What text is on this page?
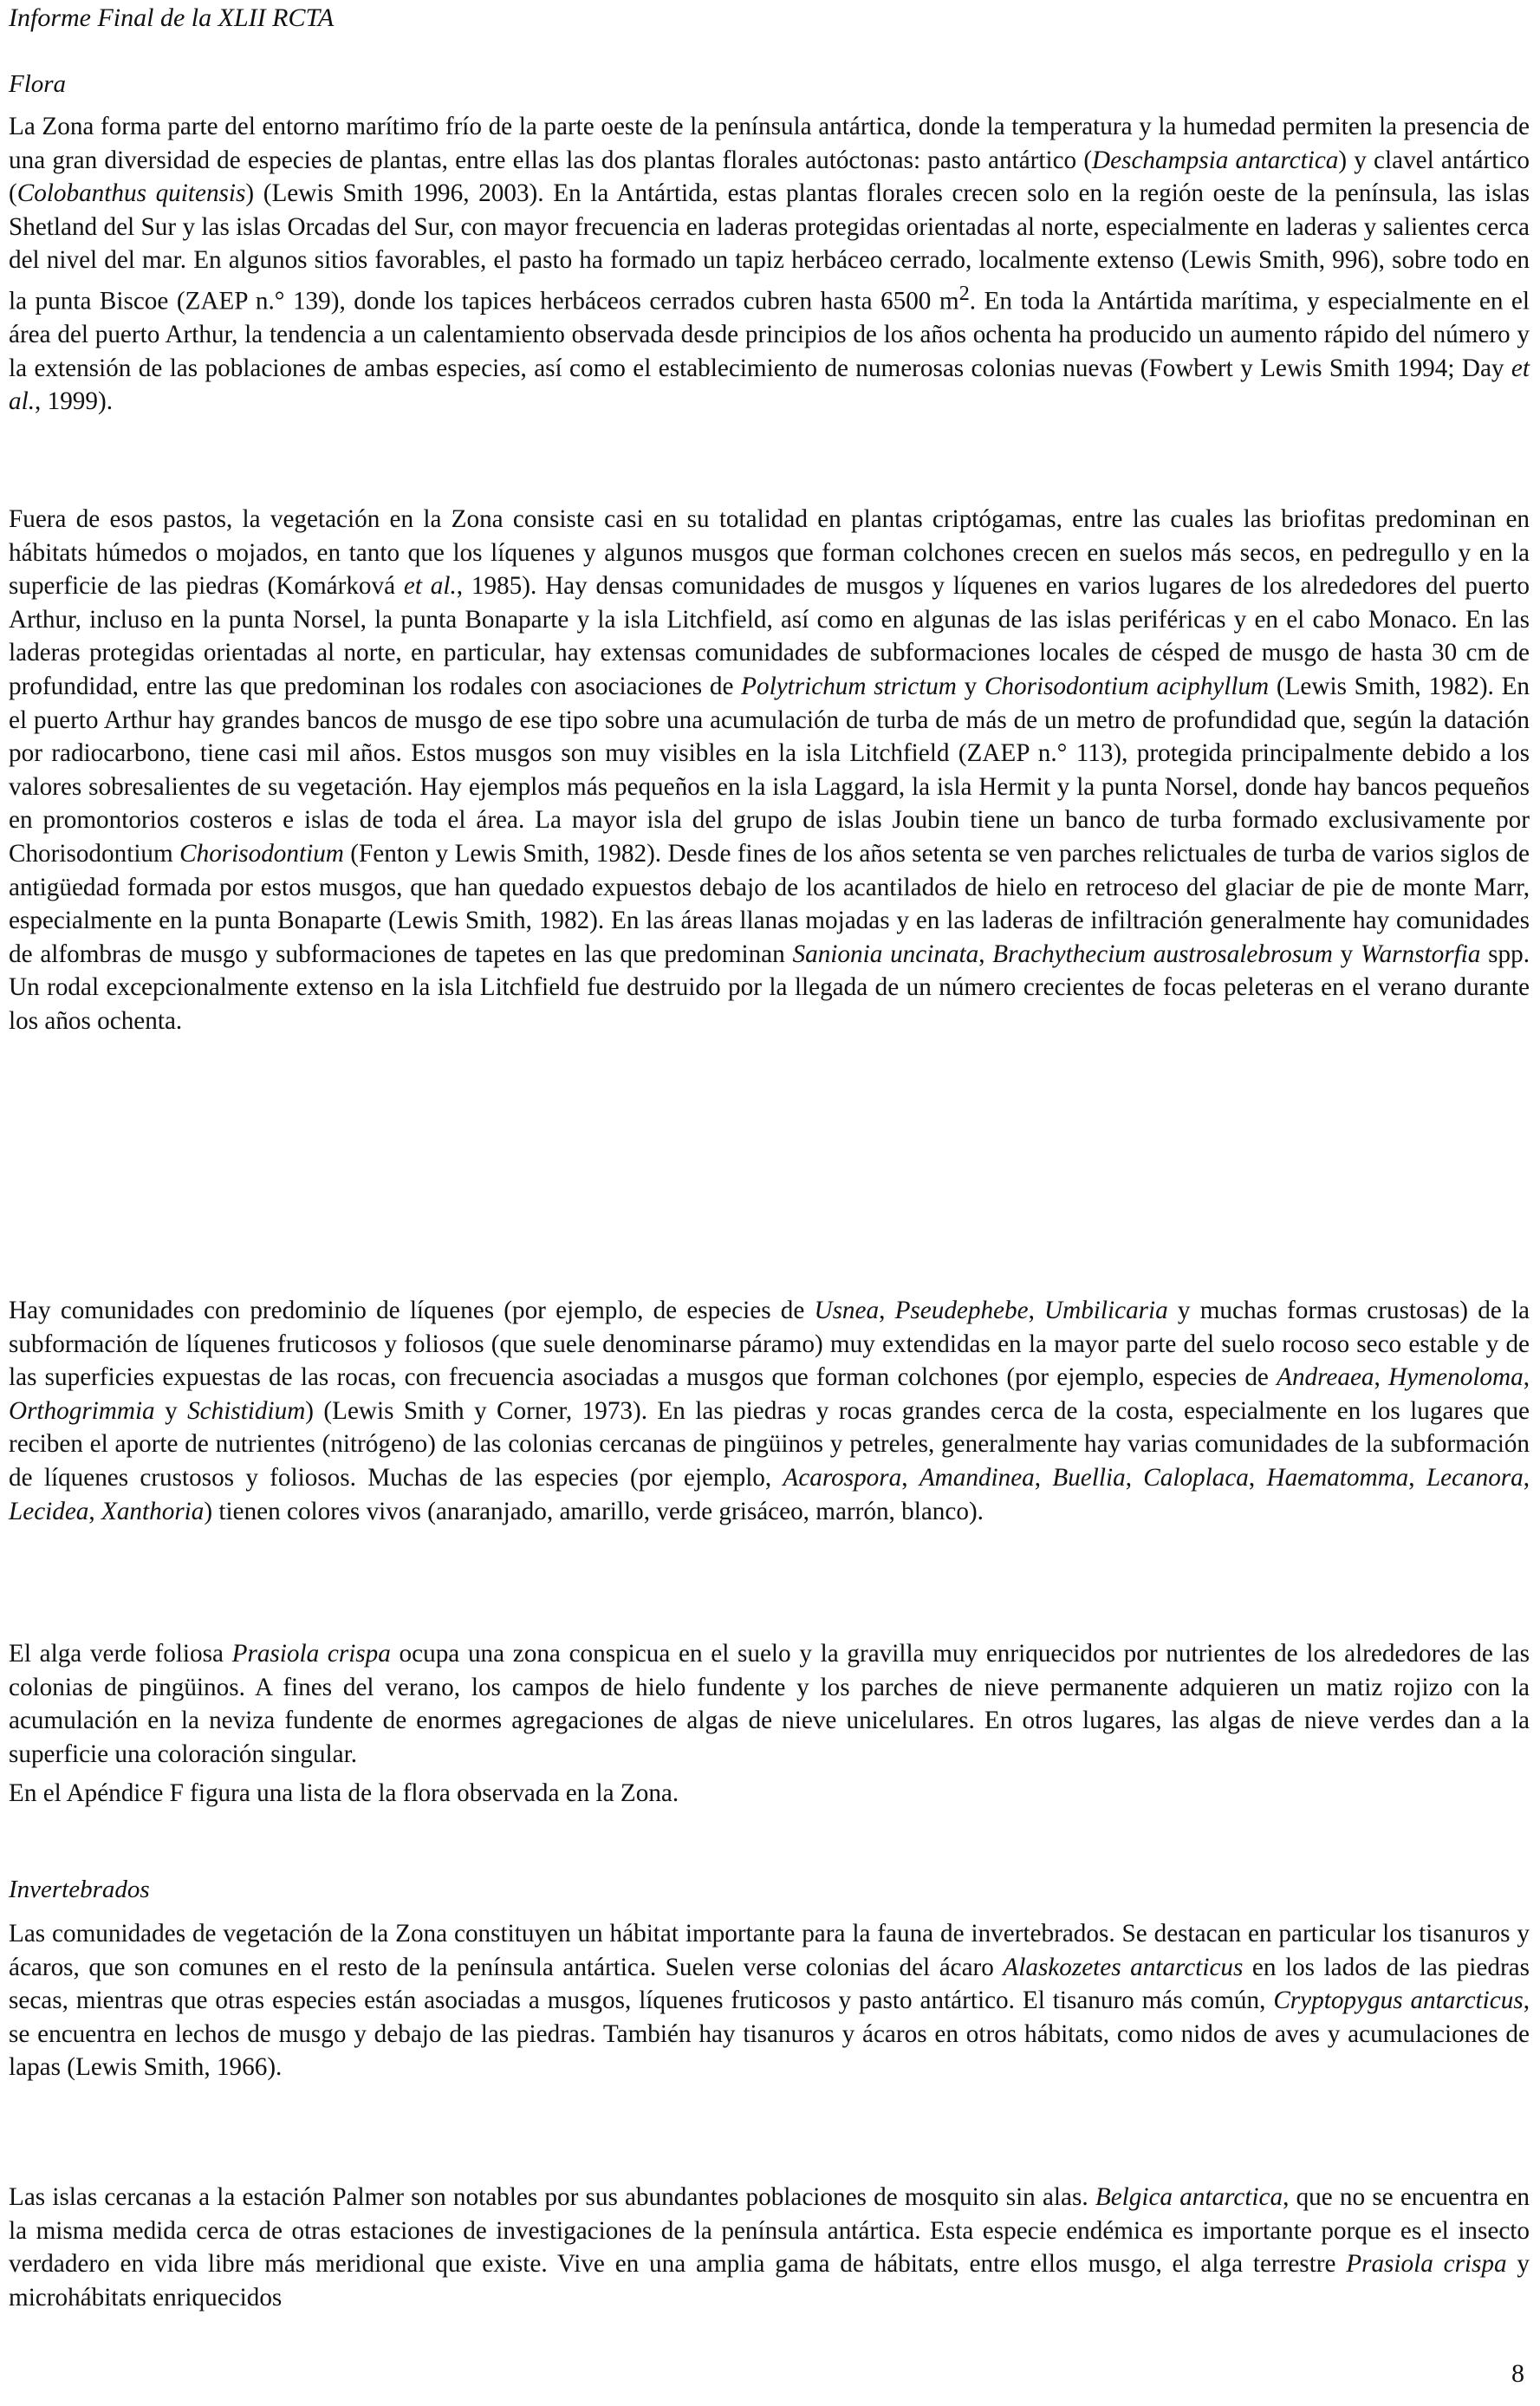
Informe Final de la XLII RCTA
Flora
La Zona forma parte del entorno marítimo frío de la parte oeste de la península antártica, donde la temperatura y la humedad permiten la presencia de una gran diversidad de especies de plantas, entre ellas las dos plantas florales autóctonas: pasto antártico (Deschampsia antarctica) y clavel antártico (Colobanthus quitensis) (Lewis Smith 1996, 2003). En la Antártida, estas plantas florales crecen solo en la región oeste de la península, las islas Shetland del Sur y las islas Orcadas del Sur, con mayor frecuencia en laderas protegidas orientadas al norte, especialmente en laderas y salientes cerca del nivel del mar. En algunos sitios favorables, el pasto ha formado un tapiz herbáceo cerrado, localmente extenso (Lewis Smith, 996), sobre todo en la punta Biscoe (ZAEP n.° 139), donde los tapices herbáceos cerrados cubren hasta 6500 $m^2$. En toda la Antártida marítima, y especialmente en el área del puerto Arthur, la tendencia a un calentamiento observada desde principios de los años ochenta ha producido un aumento rápido del número y la extensión de las poblaciones de ambas especies, así como el establecimiento de numerosas colonias nuevas (Fowbert y Lewis Smith 1994; Day et al., 1999).
Fuera de esos pastos, la vegetación en la Zona consiste casi en su totalidad en plantas criptógamas, entre las cuales las briofitas predominan en hábitats húmedos o mojados, en tanto que los líquenes y algunos musgos que forman colchones crecen en suelos más secos, en pedregullo y en la superficie de las piedras (Komárková et al., 1985). Hay densas comunidades de musgos y líquenes en varios lugares de los alrededores del puerto Arthur, incluso en la punta Norsel, la punta Bonaparte y la isla Litchfield, así como en algunas de las islas periféricas y en el cabo Monaco. En las laderas protegidas orientadas al norte, en particular, hay extensas comunidades de subformaciones locales de césped de musgo de hasta 30 cm de profundidad, entre las que predominan los rodales con asociaciones de Polytrichum strictum y Chorisodontium aciphyllum (Lewis Smith, 1982). En el puerto Arthur hay grandes bancos de musgo de ese tipo sobre una acumulación de turba de más de un metro de profundidad que, según la datación por radiocarbono, tiene casi mil años. Estos musgos son muy visibles en la isla Litchfield (ZAEP n.° 113), protegida principalmente debido a los valores sobresalientes de su vegetación. Hay ejemplos más pequeños en la isla Laggard, la isla Hermit y la punta Norsel, donde hay bancos pequeños en promontorios costeros e islas de toda el área. La mayor isla del grupo de islas Joubin tiene un banco de turba formado exclusivamente por Chorisodontium Chorisodontium (Fenton y Lewis Smith, 1982). Desde fines de los años setenta se ven parches relictuales de turba de varios siglos de antigüedad formada por estos musgos, que han quedado expuestos debajo de los acantilados de hielo en retroceso del glaciar de pie de monte Marr, especialmente en la punta Bonaparte (Lewis Smith, 1982). En las áreas llanas mojadas y en las laderas de infiltración generalmente hay comunidades de alfombras de musgo y subformaciones de tapetes en las que predominan Sanionia uncinata, Brachythecium austrosalebrosum y Warnstorfia spp. Un rodal excepcionalmente extenso en la isla Litchfield fue destruido por la llegada de un número crecientes de focas peleteras en el verano durante los años ochenta.
Hay comunidades con predominio de líquenes (por ejemplo, de especies de Usnea, Pseudephebe, Umbilicaria y muchas formas crustosas) de la subformación de líquenes fruticosos y foliosos (que suele denominarse páramo) muy extendidas en la mayor parte del suelo rocoso seco estable y de las superficies expuestas de las rocas, con frecuencia asociadas a musgos que forman colchones (por ejemplo, especies de Andreaea, Hymenoloma, Orthogrimmia y Schistidium) (Lewis Smith y Corner, 1973). En las piedras y rocas grandes cerca de la costa, especialmente en los lugares que reciben el aporte de nutrientes (nitrógeno) de las colonias cercanas de pingüinos y petreles, generalmente hay varias comunidades de la subformación de líquenes crustosos y foliosos. Muchas de las especies (por ejemplo, Acarospora, Amandinea, Buellia, Caloplaca, Haematomma, Lecanora, Lecidea, Xanthoria) tienen colores vivos (anaranjado, amarillo, verde grisáceo, marrón, blanco).
El alga verde foliosa Prasiola crispa ocupa una zona conspicua en el suelo y la gravilla muy enriquecidos por nutrientes de los alrededores de las colonias de pingüinos. A fines del verano, los campos de hielo fundente y los parches de nieve permanente adquieren un matiz rojizo con la acumulación en la neviza fundente de enormes agregaciones de algas de nieve unicelulares. En otros lugares, las algas de nieve verdes dan a la superficie una coloración singular.
En el Apéndice F figura una lista de la flora observada en la Zona.
Invertebrados
Las comunidades de vegetación de la Zona constituyen un hábitat importante para la fauna de invertebrados. Se destacan en particular los tisanuros y ácaros, que son comunes en el resto de la península antártica. Suelen verse colonias del ácaro Alaskozetes antarcticus en los lados de las piedras secas, mientras que otras especies están asociadas a musgos, líquenes fruticosos y pasto antártico. El tisanuro más común, Cryptopygus antarcticus, se encuentra en lechos de musgo y debajo de las piedras. También hay tisanuros y ácaros en otros hábitats, como nidos de aves y acumulaciones de lapas (Lewis Smith, 1966).
Las islas cercanas a la estación Palmer son notables por sus abundantes poblaciones de mosquito sin alas. Belgica antarctica, que no se encuentra en la misma medida cerca de otras estaciones de investigaciones de la península antártica. Esta especie endémica es importante porque es el insecto verdadero en vida libre más meridional que existe. Vive en una amplia gama de hábitats, entre ellos musgo, el alga terrestre Prasiola crispa y microhábitats enriquecidos
8
